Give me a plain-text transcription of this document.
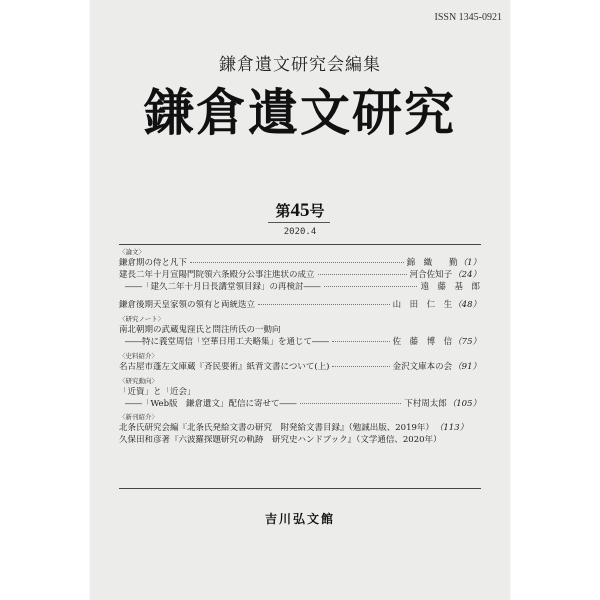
ISSN 1345-0921
鎌倉遺文研究会編集
鎌倉遺文研究
第45号
2020.4
〈論文〉
鎌倉期の侍と凡下	錦　織　　勤 （1）
建長二年十月宣陽門院領六条殿分公事注進状の成立	河合佐知子 （24）
――「建久二年十月日長講堂領目録」の再検討――	遠　藤　基　郎
鎌倉後期天皇家領の領有と両統迭立	山　田　仁　生 （48）
〈研究ノート〉
南北朝期の武蔵鬼窪氏と問注所氏の一動向
――特に義堂周信「空華日用工夫略集」を通じて――	佐　藤　博　信 （75）
〈史料紹介〉
名古屋市蓬左文庫蔵『斉民要術』紙背文書について(上)	金沢文庫本の会 （91）
〈研究動向〉
「近資」と「近会」
――「Web版　鎌倉遺文」配信に寄せて――	下村周太郎 （105）
〈新刊紹介〉
北条氏研究会編『北条氏発給文書の研究　附発給文書目録』（勉誠出版、2019年） （113）
久保田和彦著『六波羅探題研究の軌跡　研究史ハンドブック』（文学通信、2020年）
吉川弘文館
